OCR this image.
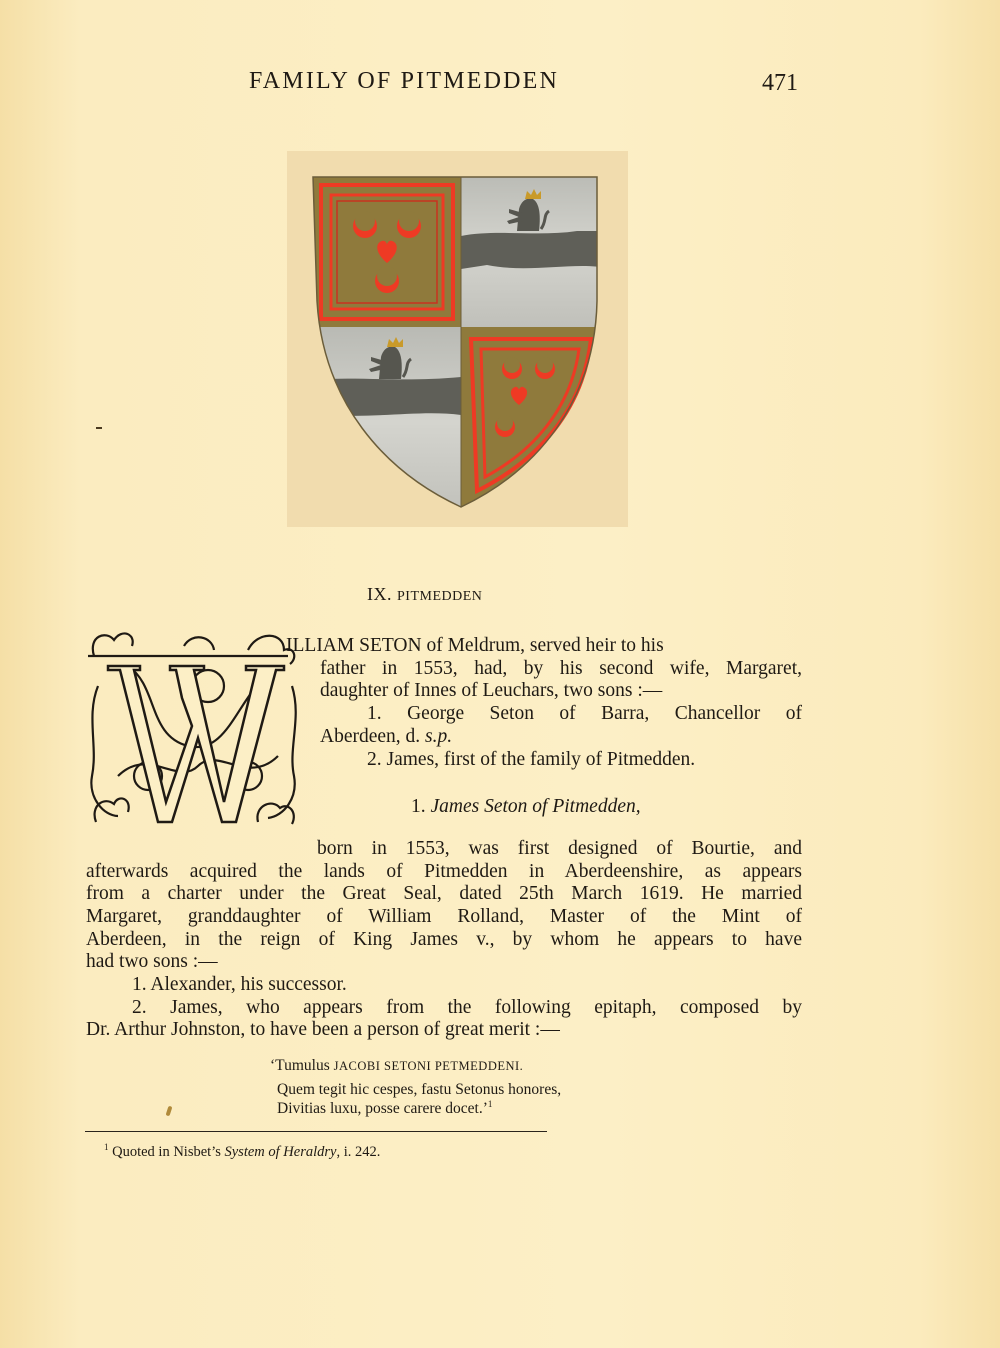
FAMILY OF PITMEDDEN	471
IX. PITMEDDEN
ILLIAM SETON of Meldrum, served heir to his
father in 1553, had, by his second wife, Margaret,
daughter of Innes of Leuchars, two sons :—
1. George Seton of Barra, Chancellor of
Aberdeen, d. s.p.
2. James, first of the family of Pitmedden.
1. James Seton of Pitmedden,
born in 1553, was first designed of Bourtie, and
afterwards acquired the lands of Pitmedden in Aberdeenshire, as appears
from a charter under the Great Seal, dated 25th March 1619. He married
Margaret, granddaughter of William Rolland, Master of the Mint of
Aberdeen, in the reign of King James v., by whom he appears to have
had two sons :—
1. Alexander, his successor.
2. James, who appears from the following epitaph, composed by
Dr. Arthur Johnston, to have been a person of great merit :—
‘Tumulus JACOBI SETONI PETMEDDENI.
Quem tegit hic cespes, fastu Setonus honores,
Divitias luxu, posse carere docet.’$^1$
$^1$ Quoted in Nisbet’s System of Heraldry, i. 242.
